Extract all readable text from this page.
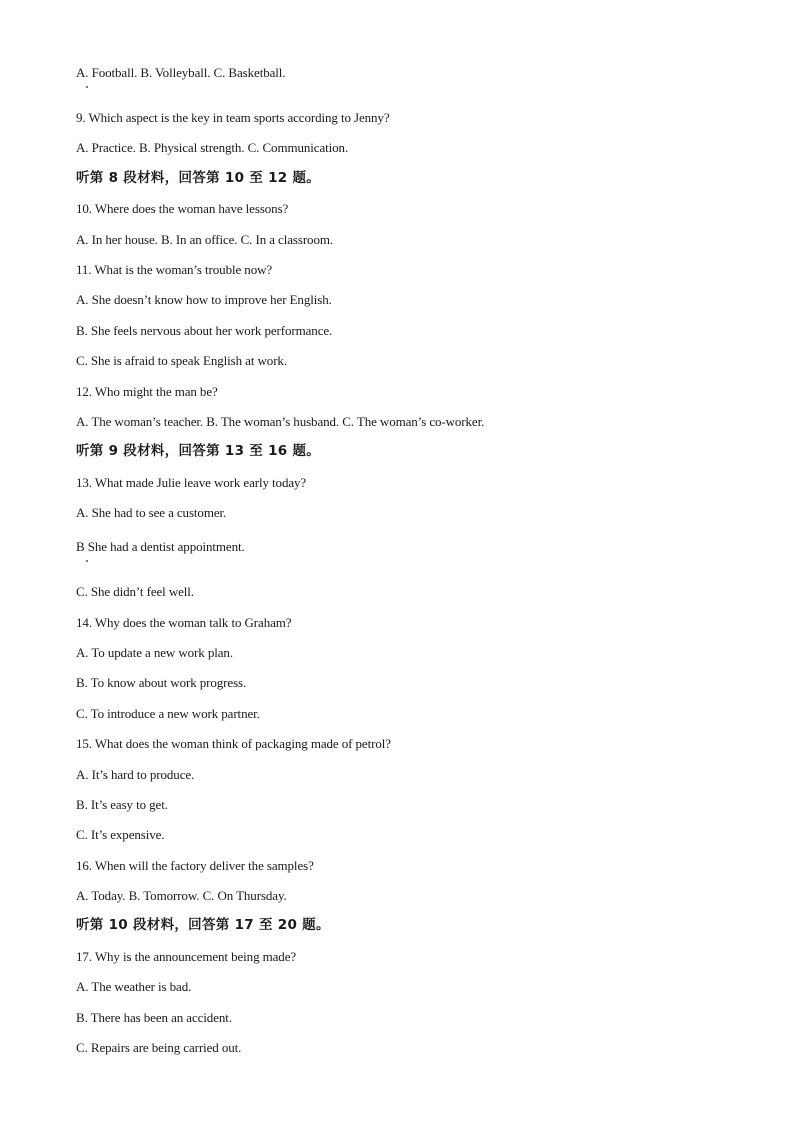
A. Football. B. Volleyball. C. Basketball.
9. Which aspect is the key in team sports according to Jenny?
A. Practice. B. Physical strength. C. Communication.
听第 8 段材料，回答第 10 至 12 题。
10. Where does the woman have lessons?
A. In her house. B. In an office. C. In a classroom.
11. What is the woman’s trouble now?
A. She doesn’t know how to improve her English.
B. She feels nervous about her work performance.
C. She is afraid to speak English at work.
12. Who might the man be?
A. The woman’s teacher. B. The woman’s husband. C. The woman’s co-worker.
听第 9 段材料，回答第 13 至 16 题。
13. What made Julie leave work early today?
A. She had to see a customer.
B She had a dentist appointment.
C. She didn’t feel well.
14. Why does the woman talk to Graham?
A. To update a new work plan.
B. To know about work progress.
C. To introduce a new work partner.
15. What does the woman think of packaging made of petrol?
A. It’s hard to produce.
B. It’s easy to get.
C. It’s expensive.
16. When will the factory deliver the samples?
A. Today. B. Tomorrow. C. On Thursday.
听第 10 段材料，回答第 17 至 20 题。
17. Why is the announcement being made?
A. The weather is bad.
B. There has been an accident.
C. Repairs are being carried out.
